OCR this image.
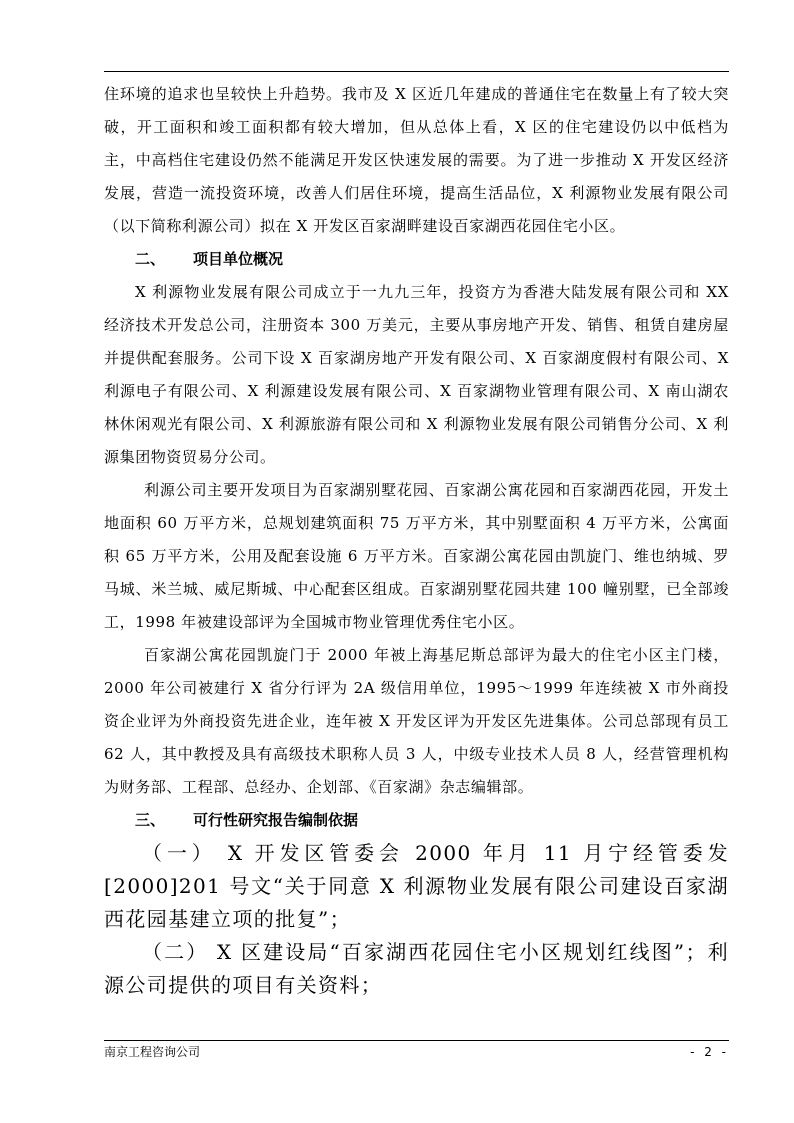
住环境的追求也呈较快上升趋势。我市及 X 区近几年建成的普通住宅在数量上有了较大突破，开工面积和竣工面积都有较大增加，但从总体上看，X 区的住宅建设仍以中低档为主，中高档住宅建设仍然不能满足开发区快速发展的需要。为了进一步推动 X 开发区经济发展，营造一流投资环境，改善人们居住环境，提高生活品位，X 利源物业发展有限公司（以下简称利源公司）拟在 X 开发区百家湖畔建设百家湖西花园住宅小区。

二、 项目单位概况

X 利源物业发展有限公司成立于一九九三年，投资方为香港大陆发展有限公司和 XX 经济技术开发总公司，注册资本 300 万美元，主要从事房地产开发、销售、租赁自建房屋并提供配套服务。公司下设 X 百家湖房地产开发有限公司、X 百家湖度假村有限公司、X 利源电子有限公司、X 利源建设发展有限公司、X 百家湖物业管理有限公司、X 南山湖农林休闲观光有限公司、X 利源旅游有限公司和 X 利源物业发展有限公司销售分公司、X 利源集团物资贸易分公司。

利源公司主要开发项目为百家湖别墅花园、百家湖公寓花园和百家湖西花园，开发土地面积 60 万平方米，总规划建筑面积 75 万平方米，其中别墅面积 4 万平方米，公寓面积 65 万平方米，公用及配套设施 6 万平方米。百家湖公寓花园由凯旋门、维也纳城、罗马城、米兰城、威尼斯城、中心配套区组成。百家湖别墅花园共建 100 幢别墅，已全部竣工，1998 年被建设部评为全国城市物业管理优秀住宅小区。

百家湖公寓花园凯旋门于 2000 年被上海基尼斯总部评为最大的住宅小区主门楼，2000 年公司被建行 X 省分行评为 2A 级信用单位，1995～1999 年连续被 X 市外商投资企业评为外商投资先进企业，连年被 X 开发区评为开发区先进集体。公司总部现有员工 62 人，其中教授及具有高级技术职称人员 3 人，中级专业技术人员 8 人，经营管理机构为财务部、工程部、总经办、企划部、《百家湖》杂志编辑部。

三、 可行性研究报告编制依据

（一） X 开发区管委会 2000 年月 11 月宁经管委发[2000]201 号文“关于同意 X 利源物业发展有限公司建设百家湖西花园基建立项的批复”；

（二） X 区建设局“百家湖西花园住宅小区规划红线图”；利源公司提供的项目有关资料；

南京工程咨询公司	- 2 -
